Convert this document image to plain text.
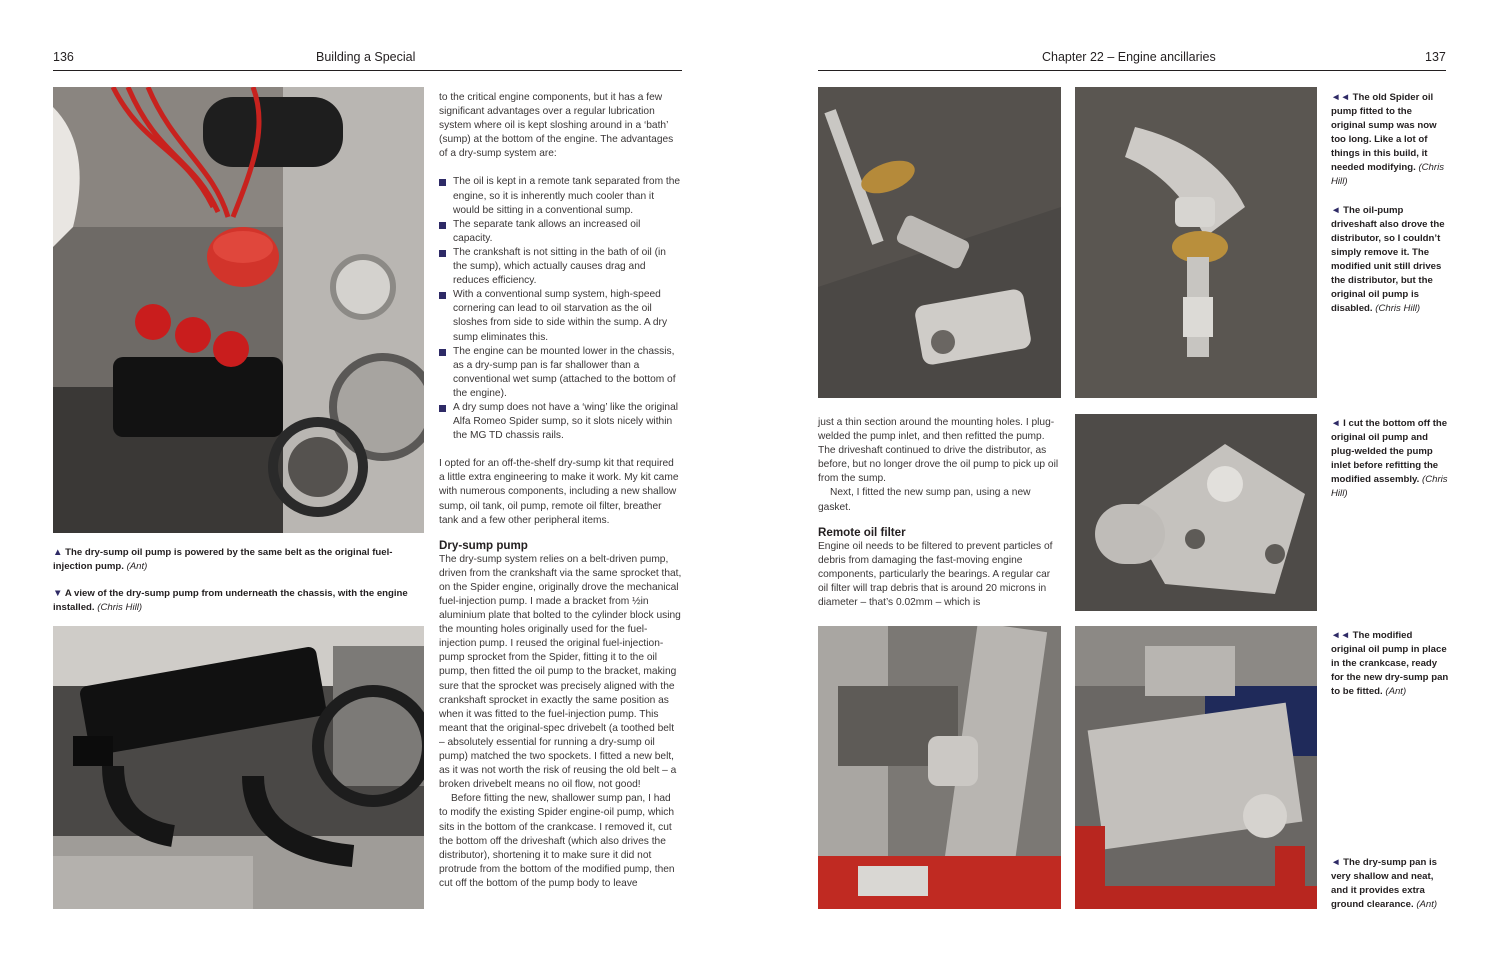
136	Building a Special	Chapter 22 – Engine ancillaries	137
▲ The dry-sump oil pump is powered by the same belt as the original fuel-injection pump. (Ant)
▼ A view of the dry-sump pump from underneath the chassis, with the engine installed. (Chris Hill)

to the critical engine components, but it has a few significant advantages over a regular lubrication system where oil is kept sloshing around in a ‘bath’ (sump) at the bottom of the engine. The advantages of a dry-sump system are:

The oil is kept in a remote tank separated from the engine, so it is inherently much cooler than it would be sitting in a conventional sump.
The separate tank allows an increased oil capacity.
The crankshaft is not sitting in the bath of oil (in the sump), which actually causes drag and reduces efficiency.
With a conventional sump system, high-speed cornering can lead to oil starvation as the oil sloshes from side to side within the sump. A dry sump eliminates this.
The engine can be mounted lower in the chassis, as a dry-sump pan is far shallower than a conventional wet sump (attached to the bottom of the engine).
A dry sump does not have a ‘wing’ like the original Alfa Romeo Spider sump, so it slots nicely within the MG TD chassis rails.

I opted for an off-the-shelf dry-sump kit that required a little extra engineering to make it work. My kit came with numerous components, including a new shallow sump, oil tank, oil pump, remote oil filter, breather tank and a few other peripheral items.

Dry-sump pump

The dry-sump system relies on a belt-driven pump, driven from the crankshaft via the same sprocket that, on the Spider engine, originally drove the mechanical fuel-injection pump. I made a bracket from ½in aluminium plate that bolted to the cylinder block using the mounting holes originally used for the fuel-injection pump. I reused the original fuel-injection-pump sprocket from the Spider, fitting it to the oil pump, then fitted the oil pump to the bracket, making sure that the sprocket was precisely aligned with the crankshaft sprocket in exactly the same position as when it was fitted to the fuel-injection pump. This meant that the original-spec drivebelt (a toothed belt – absolutely essential for running a dry-sump oil pump) matched the two spockets. I fitted a new belt, as it was not worth the risk of reusing the old belt – a broken drivebelt means no oil flow, not good!

Before fitting the new, shallower sump pan, I had to modify the existing Spider engine-oil pump, which sits in the bottom of the crankcase. I removed it, cut the bottom off the driveshaft (which also drives the distributor), shortening it to make sure it did not protrude from the bottom of the modified pump, then cut off the bottom of the pump body to leave

just a thin section around the mounting holes. I plug-welded the pump inlet, and then refitted the pump. The driveshaft continued to drive the distributor, as before, but no longer drove the oil pump to pick up oil from the sump.

Next, I fitted the new sump pan, using a new gasket.

Remote oil filter

Engine oil needs to be filtered to prevent particles of debris from damaging the fast-moving engine components, particularly the bearings. A regular car oil filter will trap debris that is around 20 microns in diameter – that’s 0.02mm – which is

◄◄ The old Spider oil pump fitted to the original sump was now too long. Like a lot of things in this build, it needed modifying. (Chris Hill)
◄ The oil-pump driveshaft also drove the distributor, so I couldn’t simply remove it. The modified unit still drives the distributor, but the original oil pump is disabled. (Chris Hill)
◄ I cut the bottom off the original oil pump and plug-welded the pump inlet before refitting the modified assembly. (Chris Hill)
◄◄ The modified original oil pump in place in the crankcase, ready for the new dry-sump pan to be fitted. (Ant)
◄ The dry-sump pan is very shallow and neat, and it provides extra ground clearance. (Ant)
